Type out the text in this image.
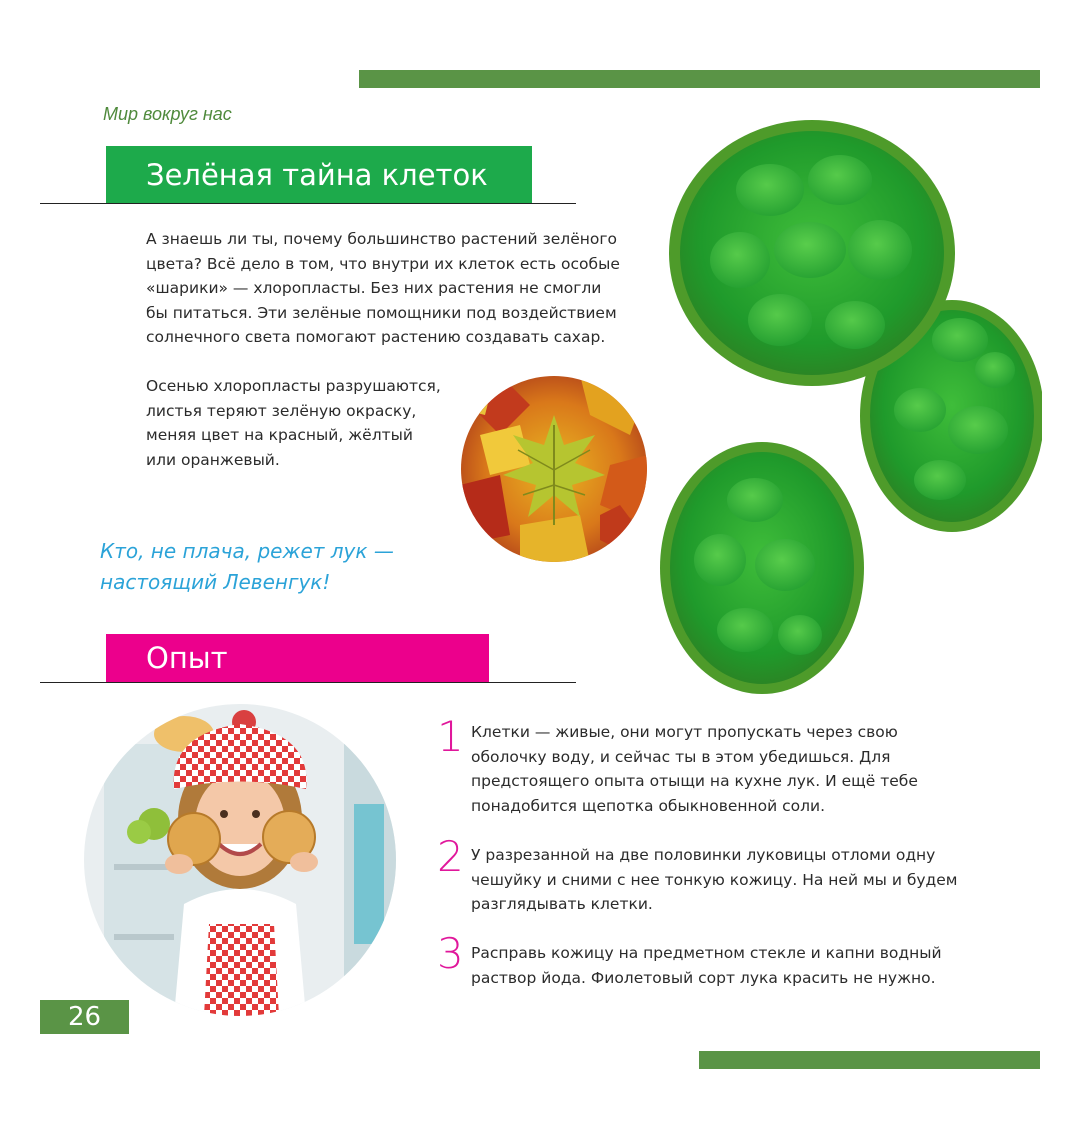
Мир вокруг нас
Зелёная тайна клеток

А знаешь ли ты, почему большинство растений зелёного
цвета? Всё дело в том, что внутри их клеток есть особые
«шарики» — хлоропласты. Без них растения не смогли
бы питаться. Эти зелёные помощники под воздействием
солнечного света помогают растению создавать сахар.

Осенью хлоропласты разрушаются,
листья теряют зелёную окраску,
меняя цвет на красный, жёлтый
или оранжевый.

Кто, не плача, режет лук —
настоящий Левенгук!

Опыт
1 Клетки — живые, они могут пропускать через свою
оболочку воду, и сейчас ты в этом убедишься. Для
предстоящего опыта отыщи на кухне лук. И ещё тебе
понадобится щепотка обыкновенной соли.

2 У разрезанной на две половинки луковицы отломи одну
чешуйку и сними с нее тонкую кожицу. На ней мы и будем
разглядывать клетки.

3 Расправь кожицу на предметном стекле и капни водный
раствор йода. Фиолетовый сорт лука красить не нужно.

26
